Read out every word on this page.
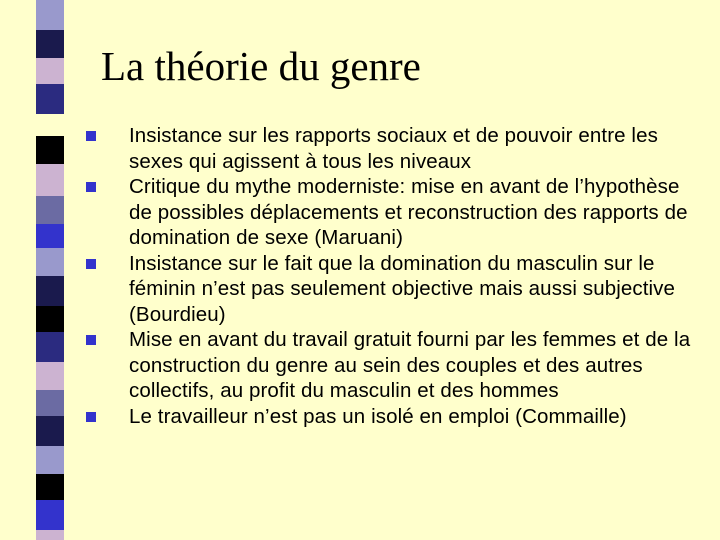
La théorie du genre
Insistance sur les rapports sociaux et de pouvoir entre les sexes qui agissent à tous les niveaux
Critique du mythe moderniste: mise en avant de l’hypothèse de possibles déplacements et reconstruction des rapports de domination de sexe (Maruani)
Insistance sur le fait que la domination du masculin sur le féminin n’est pas seulement objective mais aussi subjective (Bourdieu)
Mise en avant du travail gratuit fourni par les femmes et de la construction du genre au sein des couples et des autres collectifs, au profit du masculin et des hommes
Le travailleur n’est pas un isolé en emploi (Commaille)
